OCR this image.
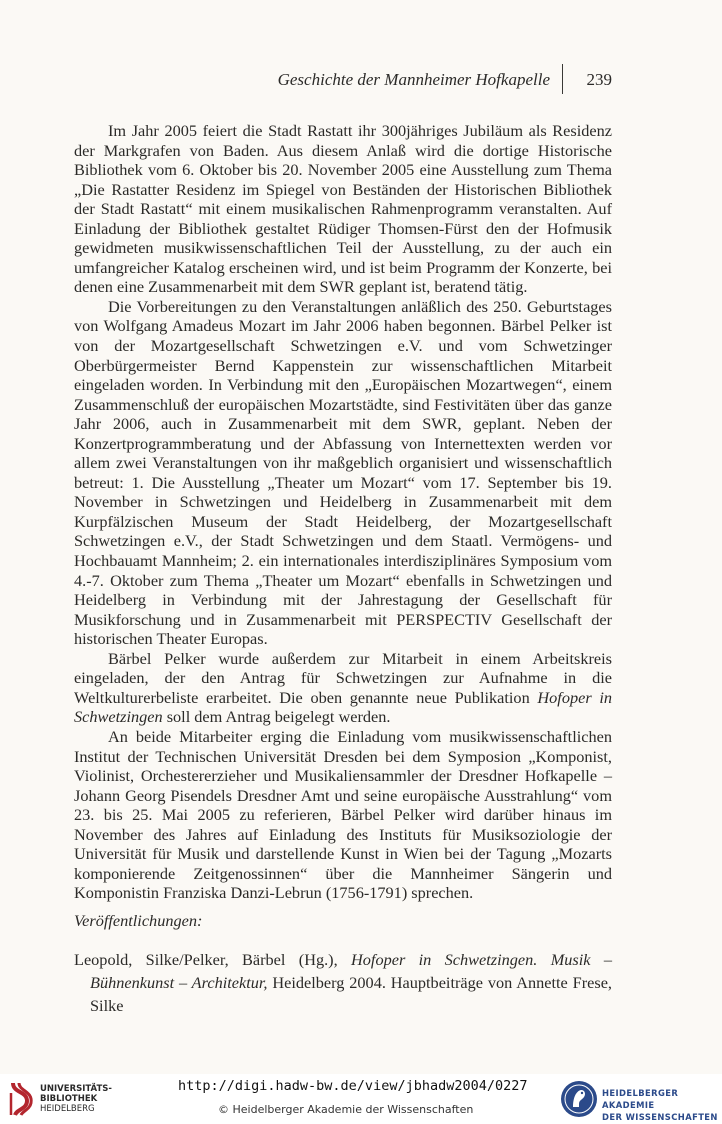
Geschichte der Mannheimer Hofkapelle 239

Im Jahr 2005 feiert die Stadt Rastatt ihr 300jähriges Jubiläum als Residenz der Markgrafen von Baden. Aus diesem Anlaß wird die dortige Historische Bibliothek vom 6. Oktober bis 20. November 2005 eine Ausstellung zum Thema „Die Rastatter Residenz im Spiegel von Beständen der Historischen Bibliothek der Stadt Rastatt“ mit einem musikalischen Rahmenprogramm veranstalten. Auf Einladung der Bibliothek gestaltet Rüdiger Thomsen-Fürst den der Hofmusik gewidmeten musikwissenschaftlichen Teil der Ausstellung, zu der auch ein umfangreicher Katalog erscheinen wird, und ist beim Programm der Konzerte, bei denen eine Zusammenarbeit mit dem SWR geplant ist, beratend tätig.

Die Vorbereitungen zu den Veranstaltungen anläßlich des 250. Geburtstages von Wolfgang Amadeus Mozart im Jahr 2006 haben begonnen. Bärbel Pelker ist von der Mozartgesellschaft Schwetzingen e.V. und vom Schwetzinger Oberbürgermeister Bernd Kappenstein zur wissenschaftlichen Mitarbeit eingeladen worden. In Verbindung mit den „Europäischen Mozartwegen“, einem Zusammenschluß der europäischen Mozartstädte, sind Festivitäten über das ganze Jahr 2006, auch in Zusammenarbeit mit dem SWR, geplant. Neben der Konzertprogrammberatung und der Abfassung von Internettexten werden vor allem zwei Veranstaltungen von ihr maßgeblich organisiert und wissenschaftlich betreut: 1. Die Ausstellung „Theater um Mozart“ vom 17. September bis 19. November in Schwetzingen und Heidelberg in Zusammenarbeit mit dem Kurpfälzischen Museum der Stadt Heidelberg, der Mozartgesellschaft Schwetzingen e.V., der Stadt Schwetzingen und dem Staatl. Vermögens- und Hochbauamt Mannheim; 2. ein internationales interdisziplinäres Symposium vom 4.-7. Oktober zum Thema „Theater um Mozart“ ebenfalls in Schwetzingen und Heidelberg in Verbindung mit der Jahrestagung der Gesellschaft für Musikforschung und in Zusammenarbeit mit PERSPECTIV Gesellschaft der historischen Theater Europas.

Bärbel Pelker wurde außerdem zur Mitarbeit in einem Arbeitskreis eingeladen, der den Antrag für Schwetzingen zur Aufnahme in die Weltkulturerbeliste erarbeitet. Die oben genannte neue Publikation Hofoper in Schwetzingen soll dem Antrag beigelegt werden.

An beide Mitarbeiter erging die Einladung vom musikwissenschaftlichen Institut der Technischen Universität Dresden bei dem Symposion „Komponist, Violinist, Orchestererzieher und Musikaliensammler der Dresdner Hofkapelle – Johann Georg Pisendels Dresdner Amt und seine europäische Ausstrahlung“ vom 23. bis 25. Mai 2005 zu referieren, Bärbel Pelker wird darüber hinaus im November des Jahres auf Einladung des Instituts für Musiksoziologie der Universität für Musik und darstellende Kunst in Wien bei der Tagung „Mozarts komponierende Zeitgenossinnen“ über die Mannheimer Sängerin und Komponistin Franziska Danzi-Lebrun (1756-1791) sprechen.

Veröffentlichungen:

Leopold, Silke/Pelker, Bärbel (Hg.), Hofoper in Schwetzingen. Musik – Bühnenkunst – Architektur, Heidelberg 2004. Hauptbeiträge von Annette Frese, Silke

UNIVERSITÄTS-
BIBLIOTHEK
HEIDELBERG
http://digi.hadw-bw.de/view/jbhadw2004/0227
© Heidelberger Akademie der Wissenschaften
HEIDELBERGER AKADEMIE
DER WISSENSCHAFTEN
